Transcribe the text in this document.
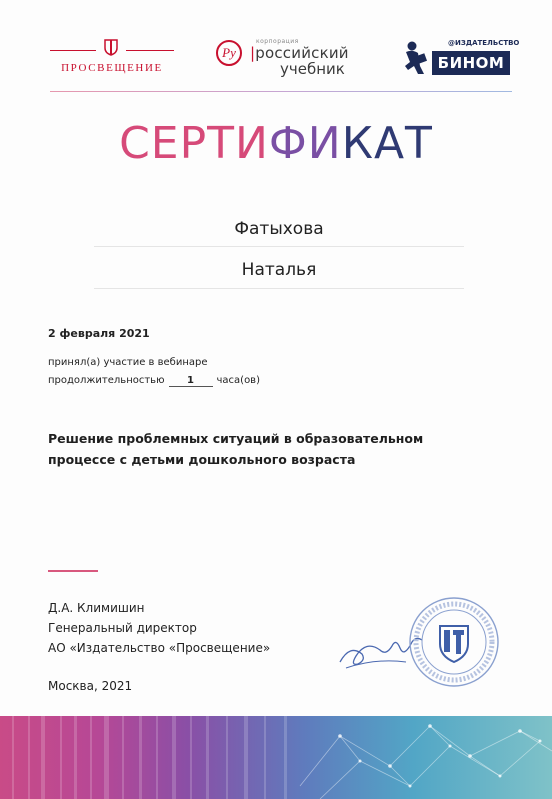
ПРОСВЕЩЕНИЕ
Ру
корпорация
|российский
учебник
@ИЗДАТЕЛЬСТВО
БИНОМ
СЕРТИФИКАТ
Фатыхова
Наталья
2 февраля 2021
принял(а) участие в вебинаре
продолжительностью 1 часа(ов)
Решение проблемных ситуаций в образовательном процессе с детьми дошкольного возраста
Д.А. Климишин
Генеральный директор
АО «Издательство «Просвещение»
Москва, 2021
